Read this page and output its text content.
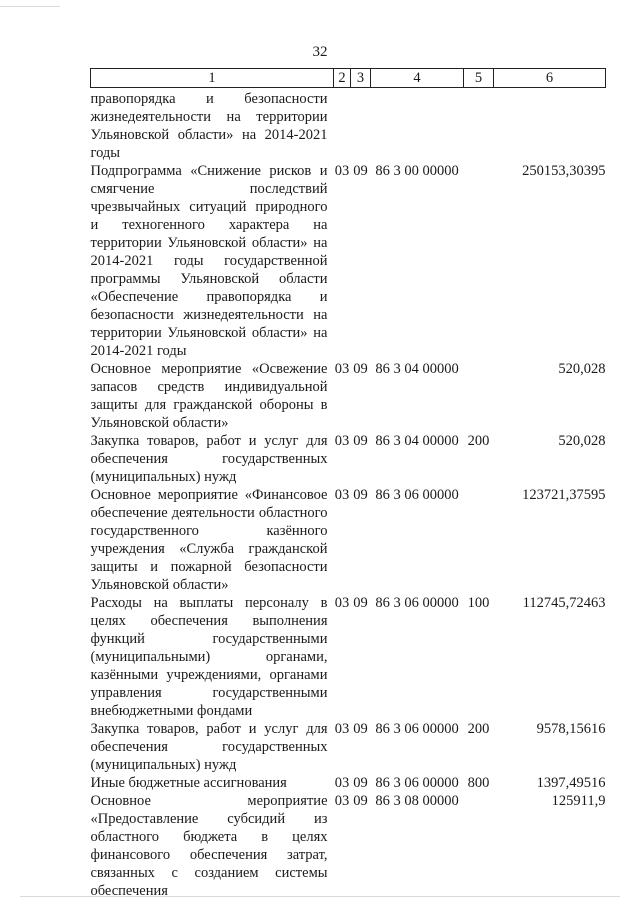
32
1	2	3	4	5	6
правопорядка и безопасности жизнедеятельности на территории Ульяновской области» на 2014-2021 годы					
Подпрограмма «Снижение рисков и смягчение последствий чрезвычайных ситуаций природного и техногенного характера на территории Ульяновской области» на 2014-2021 годы государственной программы Ульяновской области «Обеспечение правопорядка и безопасности жизнедеятельности на территории Ульяновской области» на 2014-2021 годы	03	09	86 3 00 00000		250153,30395
Основное мероприятие «Освежение запасов средств индивидуальной защиты для гражданской обороны в Ульяновской области»	03	09	86 3 04 00000		520,028
Закупка товаров, работ и услуг для обеспечения государственных (муниципальных) нужд	03	09	86 3 04 00000	200	520,028
Основное мероприятие «Финансовое обеспечение деятельности областного государственного казённого учреждения «Служба гражданской защиты и пожарной безопасности Ульяновской области»	03	09	86 3 06 00000		123721,37595
Расходы на выплаты персоналу в целях обеспечения выполнения функций государственными (муниципальными) органами, казёнными учреждениями, органами управления государственными внебюджетными фондами	03	09	86 3 06 00000	100	112745,72463
Закупка товаров, работ и услуг для обеспечения государственных (муниципальных) нужд	03	09	86 3 06 00000	200	9578,15616
Иные бюджетные ассигнования	03	09	86 3 06 00000	800	1397,49516
Основное мероприятие «Предоставление субсидий из областного бюджета в целях финансового обеспечения затрат, связанных с созданием системы обеспечения	03	09	86 3 08 00000		125911,9
